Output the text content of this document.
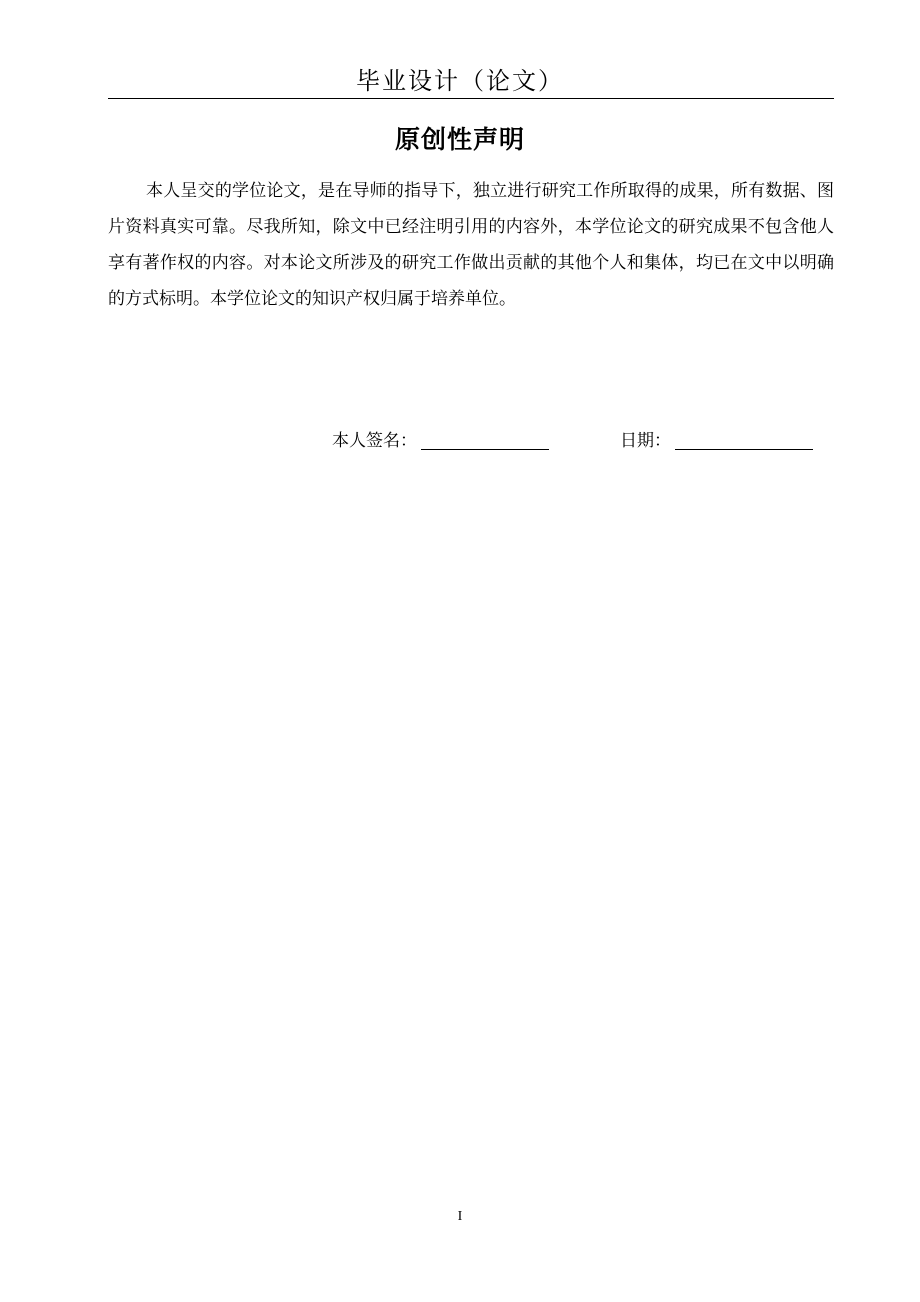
毕业设计（论文）
原创性声明

本人呈交的学位论文，是在导师的指导下，独立进行研究工作所取得的成果，所有数据、图片资料真实可靠。尽我所知，除文中已经注明引用的内容外，本学位论文的研究成果不包含他人享有著作权的内容。对本论文所涉及的研究工作做出贡献的其他个人和集体，均已在文中以明确的方式标明。本学位论文的知识产权归属于培养单位。

本人签名：	日期：
I
